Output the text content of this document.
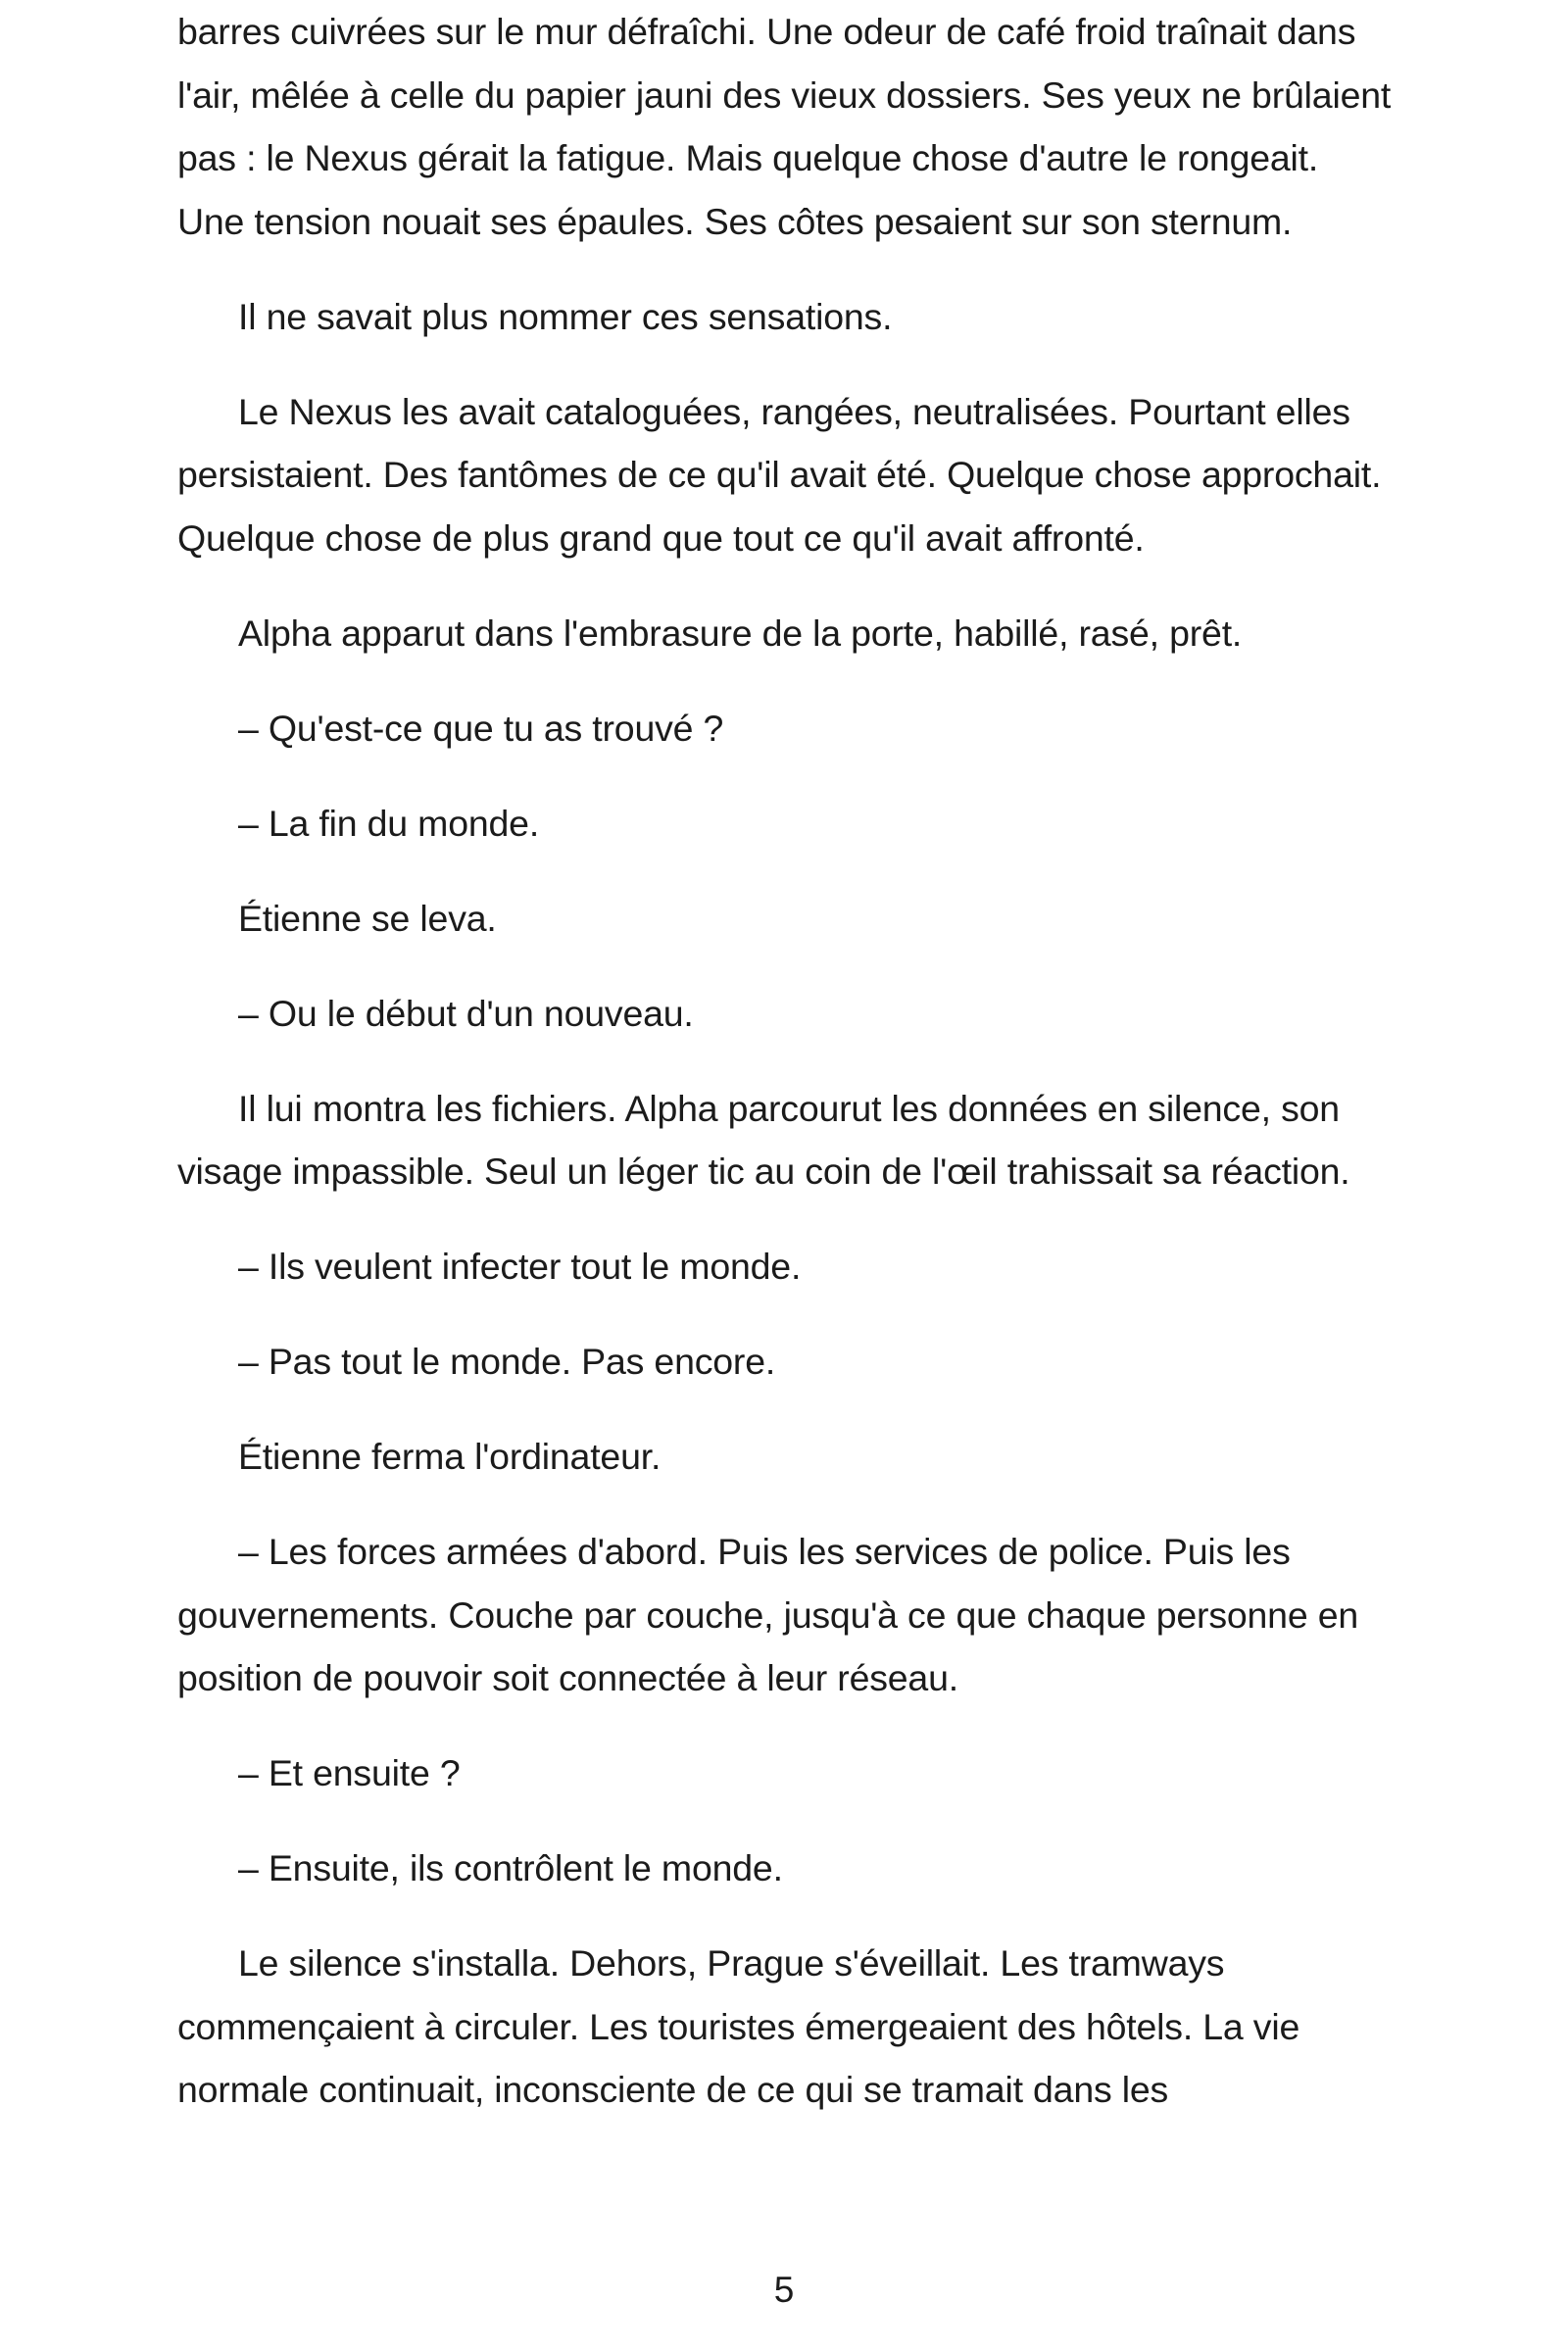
barres cuivrées sur le mur défraîchi. Une odeur de café froid traînait dans l'air, mêlée à celle du papier jauni des vieux dossiers. Ses yeux ne brûlaient pas : le Nexus gérait la fatigue. Mais quelque chose d'autre le rongeait. Une tension nouait ses épaules. Ses côtes pesaient sur son sternum.

Il ne savait plus nommer ces sensations.

Le Nexus les avait cataloguées, rangées, neutralisées. Pourtant elles persistaient. Des fantômes de ce qu'il avait été. Quelque chose approchait. Quelque chose de plus grand que tout ce qu'il avait affronté.

Alpha apparut dans l'embrasure de la porte, habillé, rasé, prêt.

– Qu'est-ce que tu as trouvé ?

– La fin du monde.

Étienne se leva.

– Ou le début d'un nouveau.

Il lui montra les fichiers. Alpha parcourut les données en silence, son visage impassible. Seul un léger tic au coin de l'œil trahissait sa réaction.

– Ils veulent infecter tout le monde.

– Pas tout le monde. Pas encore.

Étienne ferma l'ordinateur.

– Les forces armées d'abord. Puis les services de police. Puis les gouvernements. Couche par couche, jusqu'à ce que chaque personne en position de pouvoir soit connectée à leur réseau.

– Et ensuite ?

– Ensuite, ils contrôlent le monde.

Le silence s'installa. Dehors, Prague s'éveillait. Les tramways commençaient à circuler. Les touristes émergeaient des hôtels. La vie normale continuait, inconsciente de ce qui se tramait dans les

5
